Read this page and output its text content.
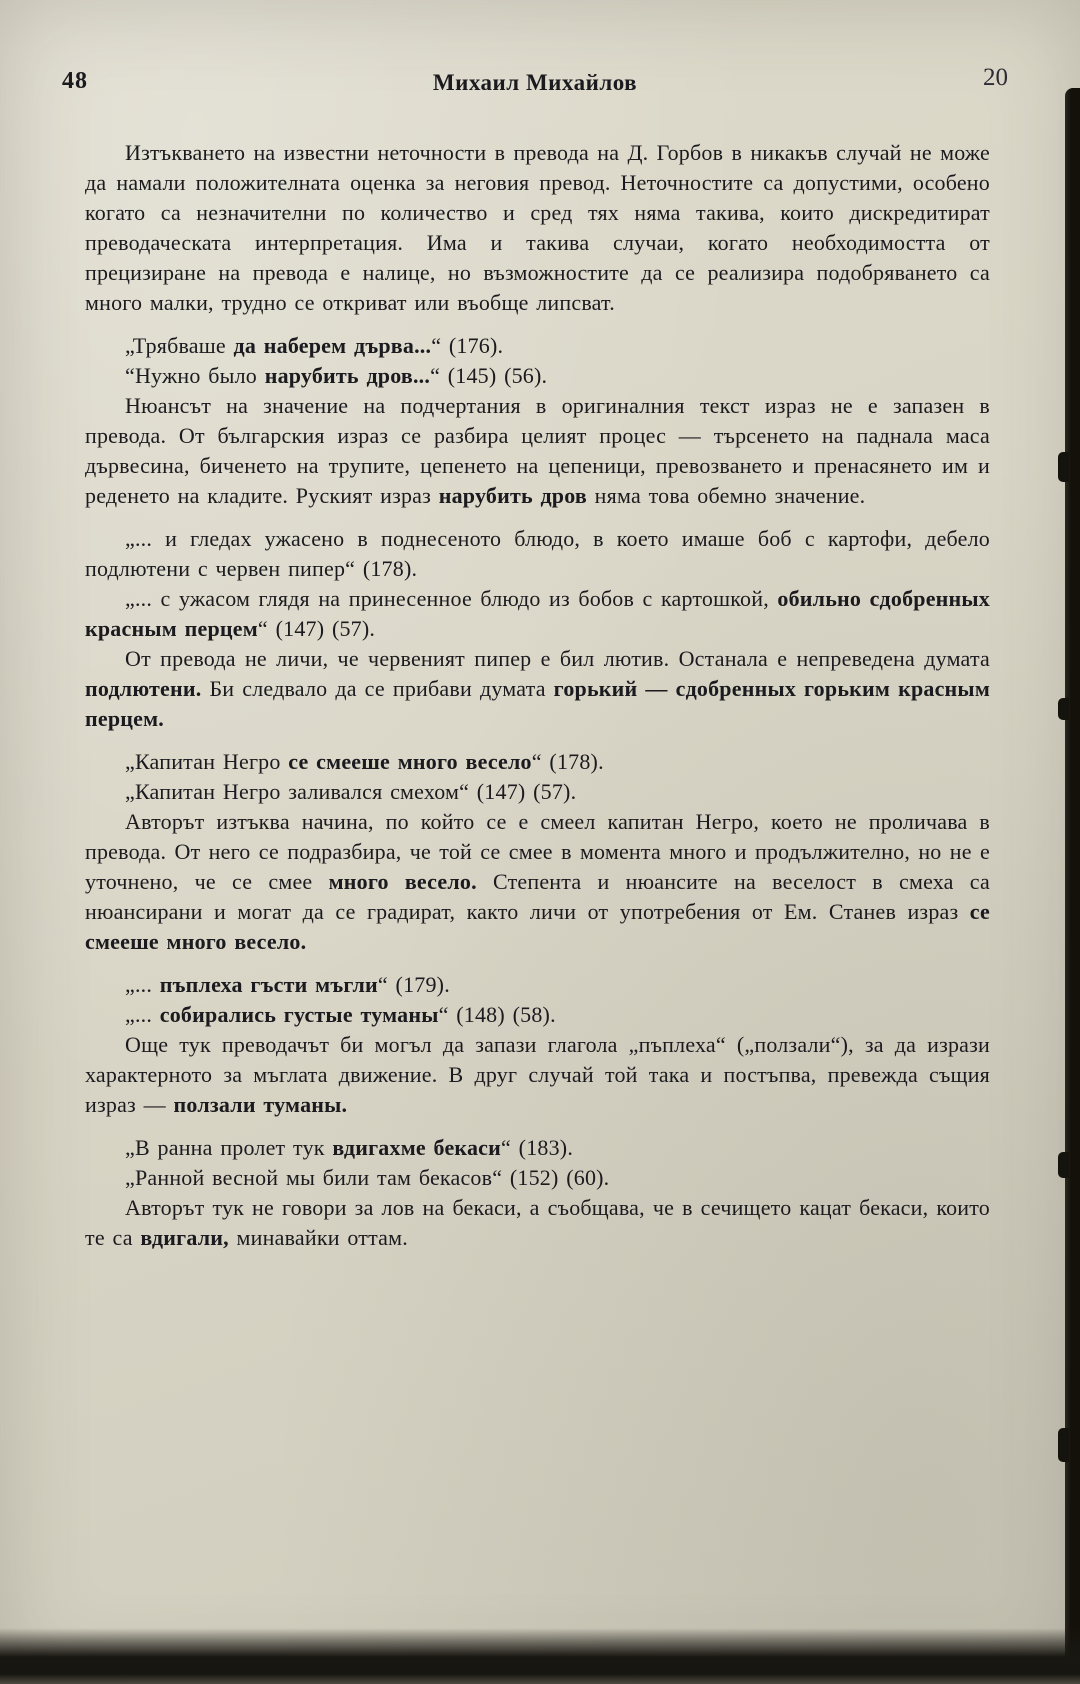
48	Михаил Михайлов	20

Изтъкването на известни неточности в превода на Д. Горбов в никакъв случай не може да намали положителната оценка за неговия превод. Неточностите са допустими, особено когато са незначителни по количество и сред тях няма такива, които дискредитират преводаческата интерпретация. Има и такива случаи, когато необходимостта от прецизиране на превода е налице, но възможностите да се реализира подобряването са много малки, трудно се откриват или въобще липсват.

„Трябваше да наберем дърва...“ (176).

“Нужно было нарубить дров...“ (145) (56).

Нюансът на значение на подчертания в оригиналния текст израз не е запазен в превода. От българския израз се разбира целият процес — търсенето на паднала маса дървесина, биченето на трупите, цепенето на цепеници, превозването и пренасянето им и реденето на кладите. Руският израз нарубить дров няма това обемно значение.

„... и гледах ужасено в поднесеното блюдо, в което имаше боб с картофи, дебело подлютени с червен пипер“ (178).

„... с ужасом глядя на принесенное блюдо из бобов с картошкой, обильно сдобренных красным перцем“ (147) (57).

От превода не личи, че червеният пипер е бил лютив. Останала е непреведена думата подлютени. Би следвало да се прибави думата горький — сдобренных горьким красным перцем.

„Капитан Негро се смееше много весело“ (178).

„Капитан Негро заливался смехом“ (147) (57).

Авторът изтъква начина, по който се е смеел капитан Негро, което не проличава в превода. От него се подразбира, че той се смее в момента много и продължително, но не е уточнено, че се смее много весело. Степента и нюансите на веселост в смеха са нюансирани и могат да се градират, както личи от употребения от Ем. Станев израз се смееше много весело.

„... пъплеха гъсти мъгли“ (179).

„... собирались густые туманы“ (148) (58).

Още тук преводачът би могъл да запази глагола „пъплеха“ („ползали“), за да изрази характерното за мъглата движение. В друг случай той така и постъпва, превежда същия израз — ползали туманы.

„В ранна пролет тук вдигахме бекаси“ (183).

„Ранной весной мы били там бекасов“ (152) (60).

Авторът тук не говори за лов на бекаси, а съобщава, че в сечището кацат бекаси, които те са вдигали, минавайки оттам.
